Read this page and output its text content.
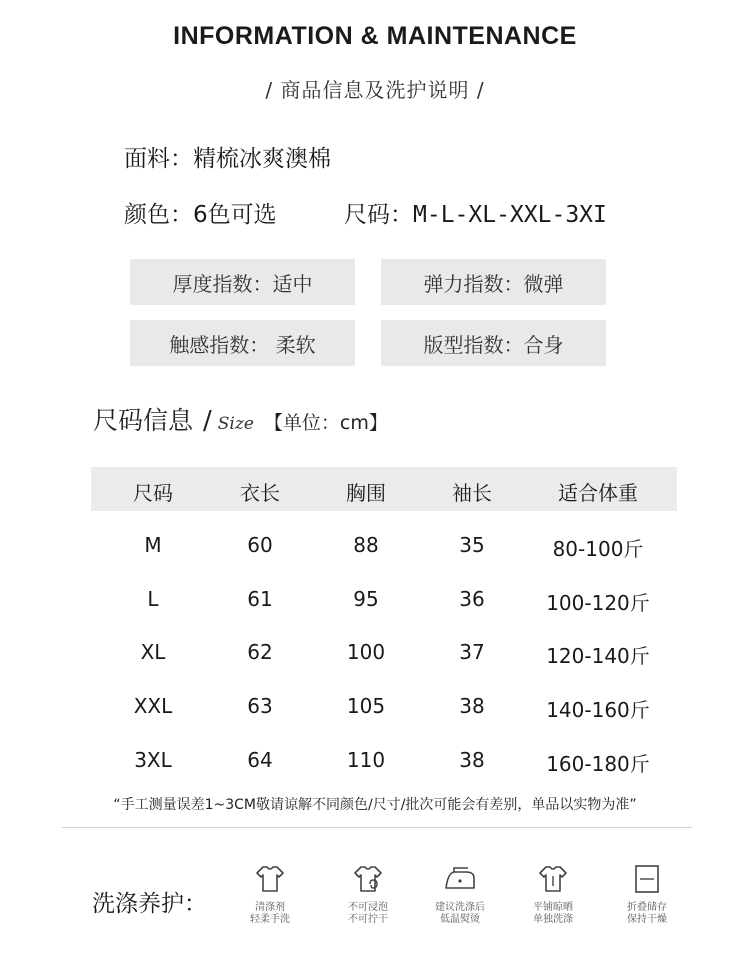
INFORMATION & MAINTENANCE
/ 商品信息及洗护说明 /
面料：精梳冰爽澳棉
颜色：6色可选	尺码：M-L-XL-XXL-3XI
厚度指数：适中	弹力指数：微弹
触感指数： 柔软	版型指数：合身
尺码信息 / Size 【单位：cm】
尺码	衣长	胸围	袖长	适合体重
M	60	88	35	80-100斤
L	61	95	36	100-120斤
XL	62	100	37	120-140斤
XXL	63	105	38	140-160斤
3XL	64	110	38	160-180斤
“手工测量误差1~3CM敬请谅解不同颜色/尺寸/批次可能会有差别，单品以实物为准”
洗涤养护：	清涤剂
轻柔手洗
不可浸泡
不可拧干
建议洗涤后
低温熨烫
平铺晾晒
单独洗涤
折叠储存
保持干燥
